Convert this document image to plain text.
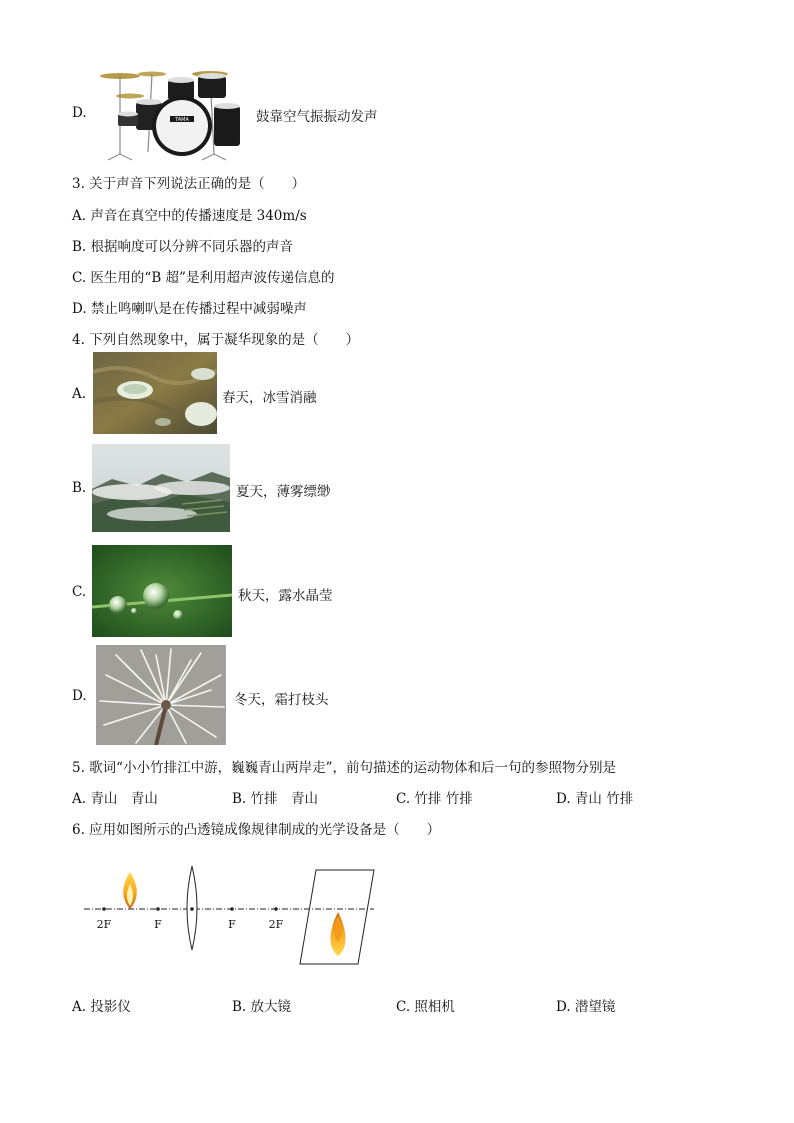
D.	TAMA	鼓靠空气振振动发声
3. 关于声音下列说法正确的是（　　）
A. 声音在真空中的传播速度是 340m/s
B. 根据响度可以分辨不同乐器的声音
C. 医生用的“B 超”是利用超声波传递信息的
D. 禁止鸣喇叭是在传播过程中减弱噪声
4. 下列自然现象中，属于凝华现象的是（　　）
A.	春天，冰雪消融
B.	夏天，薄雾缥缈
C.	秋天，露水晶莹
D.	冬天，霜打枝头
5. 歌词“小小竹排江中游，巍巍青山两岸走”，前句描述的运动物体和后一句的参照物分别是
A. 青山　青山	B. 竹排　青山	C. 竹排 竹排	D. 青山 竹排
6. 应用如图所示的凸透镜成像规律制成的光学设备是（　　）
2F	F	F	2F
A. 投影仪	B. 放大镜	C. 照相机	D. 潜望镜
